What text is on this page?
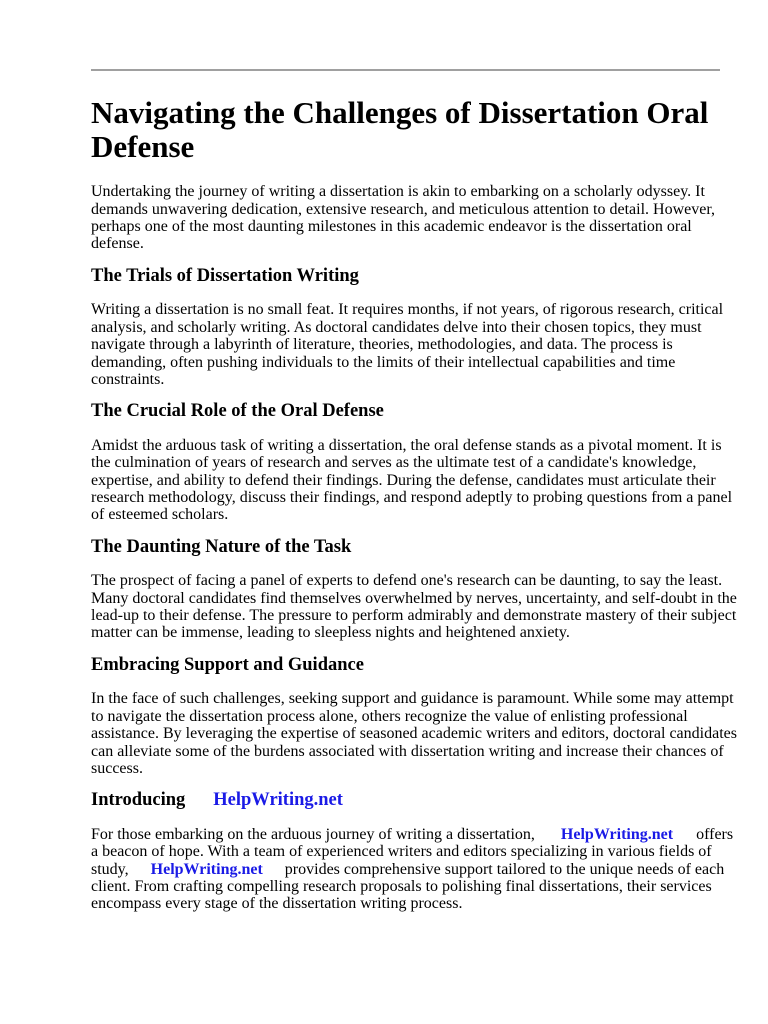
Navigating the Challenges of Dissertation Oral
Defense
Undertaking the journey of writing a dissertation is akin to embarking on a scholarly odyssey. It
demands unwavering dedication, extensive research, and meticulous attention to detail. However,
perhaps one of the most daunting milestones in this academic endeavor is the dissertation oral
defense.
The Trials of Dissertation Writing
Writing a dissertation is no small feat. It requires months, if not years, of rigorous research, critical
analysis, and scholarly writing. As doctoral candidates delve into their chosen topics, they must
navigate through a labyrinth of literature, theories, methodologies, and data. The process is
demanding, often pushing individuals to the limits of their intellectual capabilities and time
constraints.
The Crucial Role of the Oral Defense
Amidst the arduous task of writing a dissertation, the oral defense stands as a pivotal moment. It is
the culmination of years of research and serves as the ultimate test of a candidate's knowledge,
expertise, and ability to defend their findings. During the defense, candidates must articulate their
research methodology, discuss their findings, and respond adeptly to probing questions from a panel
of esteemed scholars.
The Daunting Nature of the Task
The prospect of facing a panel of experts to defend one's research can be daunting, to say the least.
Many doctoral candidates find themselves overwhelmed by nerves, uncertainty, and self-doubt in the
lead-up to their defense. The pressure to perform admirably and demonstrate mastery of their subject
matter can be immense, leading to sleepless nights and heightened anxiety.
Embracing Support and Guidance
In the face of such challenges, seeking support and guidance is paramount. While some may attempt
to navigate the dissertation process alone, others recognize the value of enlisting professional
assistance. By leveraging the expertise of seasoned academic writers and editors, doctoral candidates
can alleviate some of the burdens associated with dissertation writing and increase their chances of
success.
Introducing HelpWriting.net
For those embarking on the arduous journey of writing a dissertation, HelpWriting.net offers
a beacon of hope. With a team of experienced writers and editors specializing in various fields of
study, HelpWriting.net provides comprehensive support tailored to the unique needs of each
client. From crafting compelling research proposals to polishing final dissertations, their services
encompass every stage of the dissertation writing process.
